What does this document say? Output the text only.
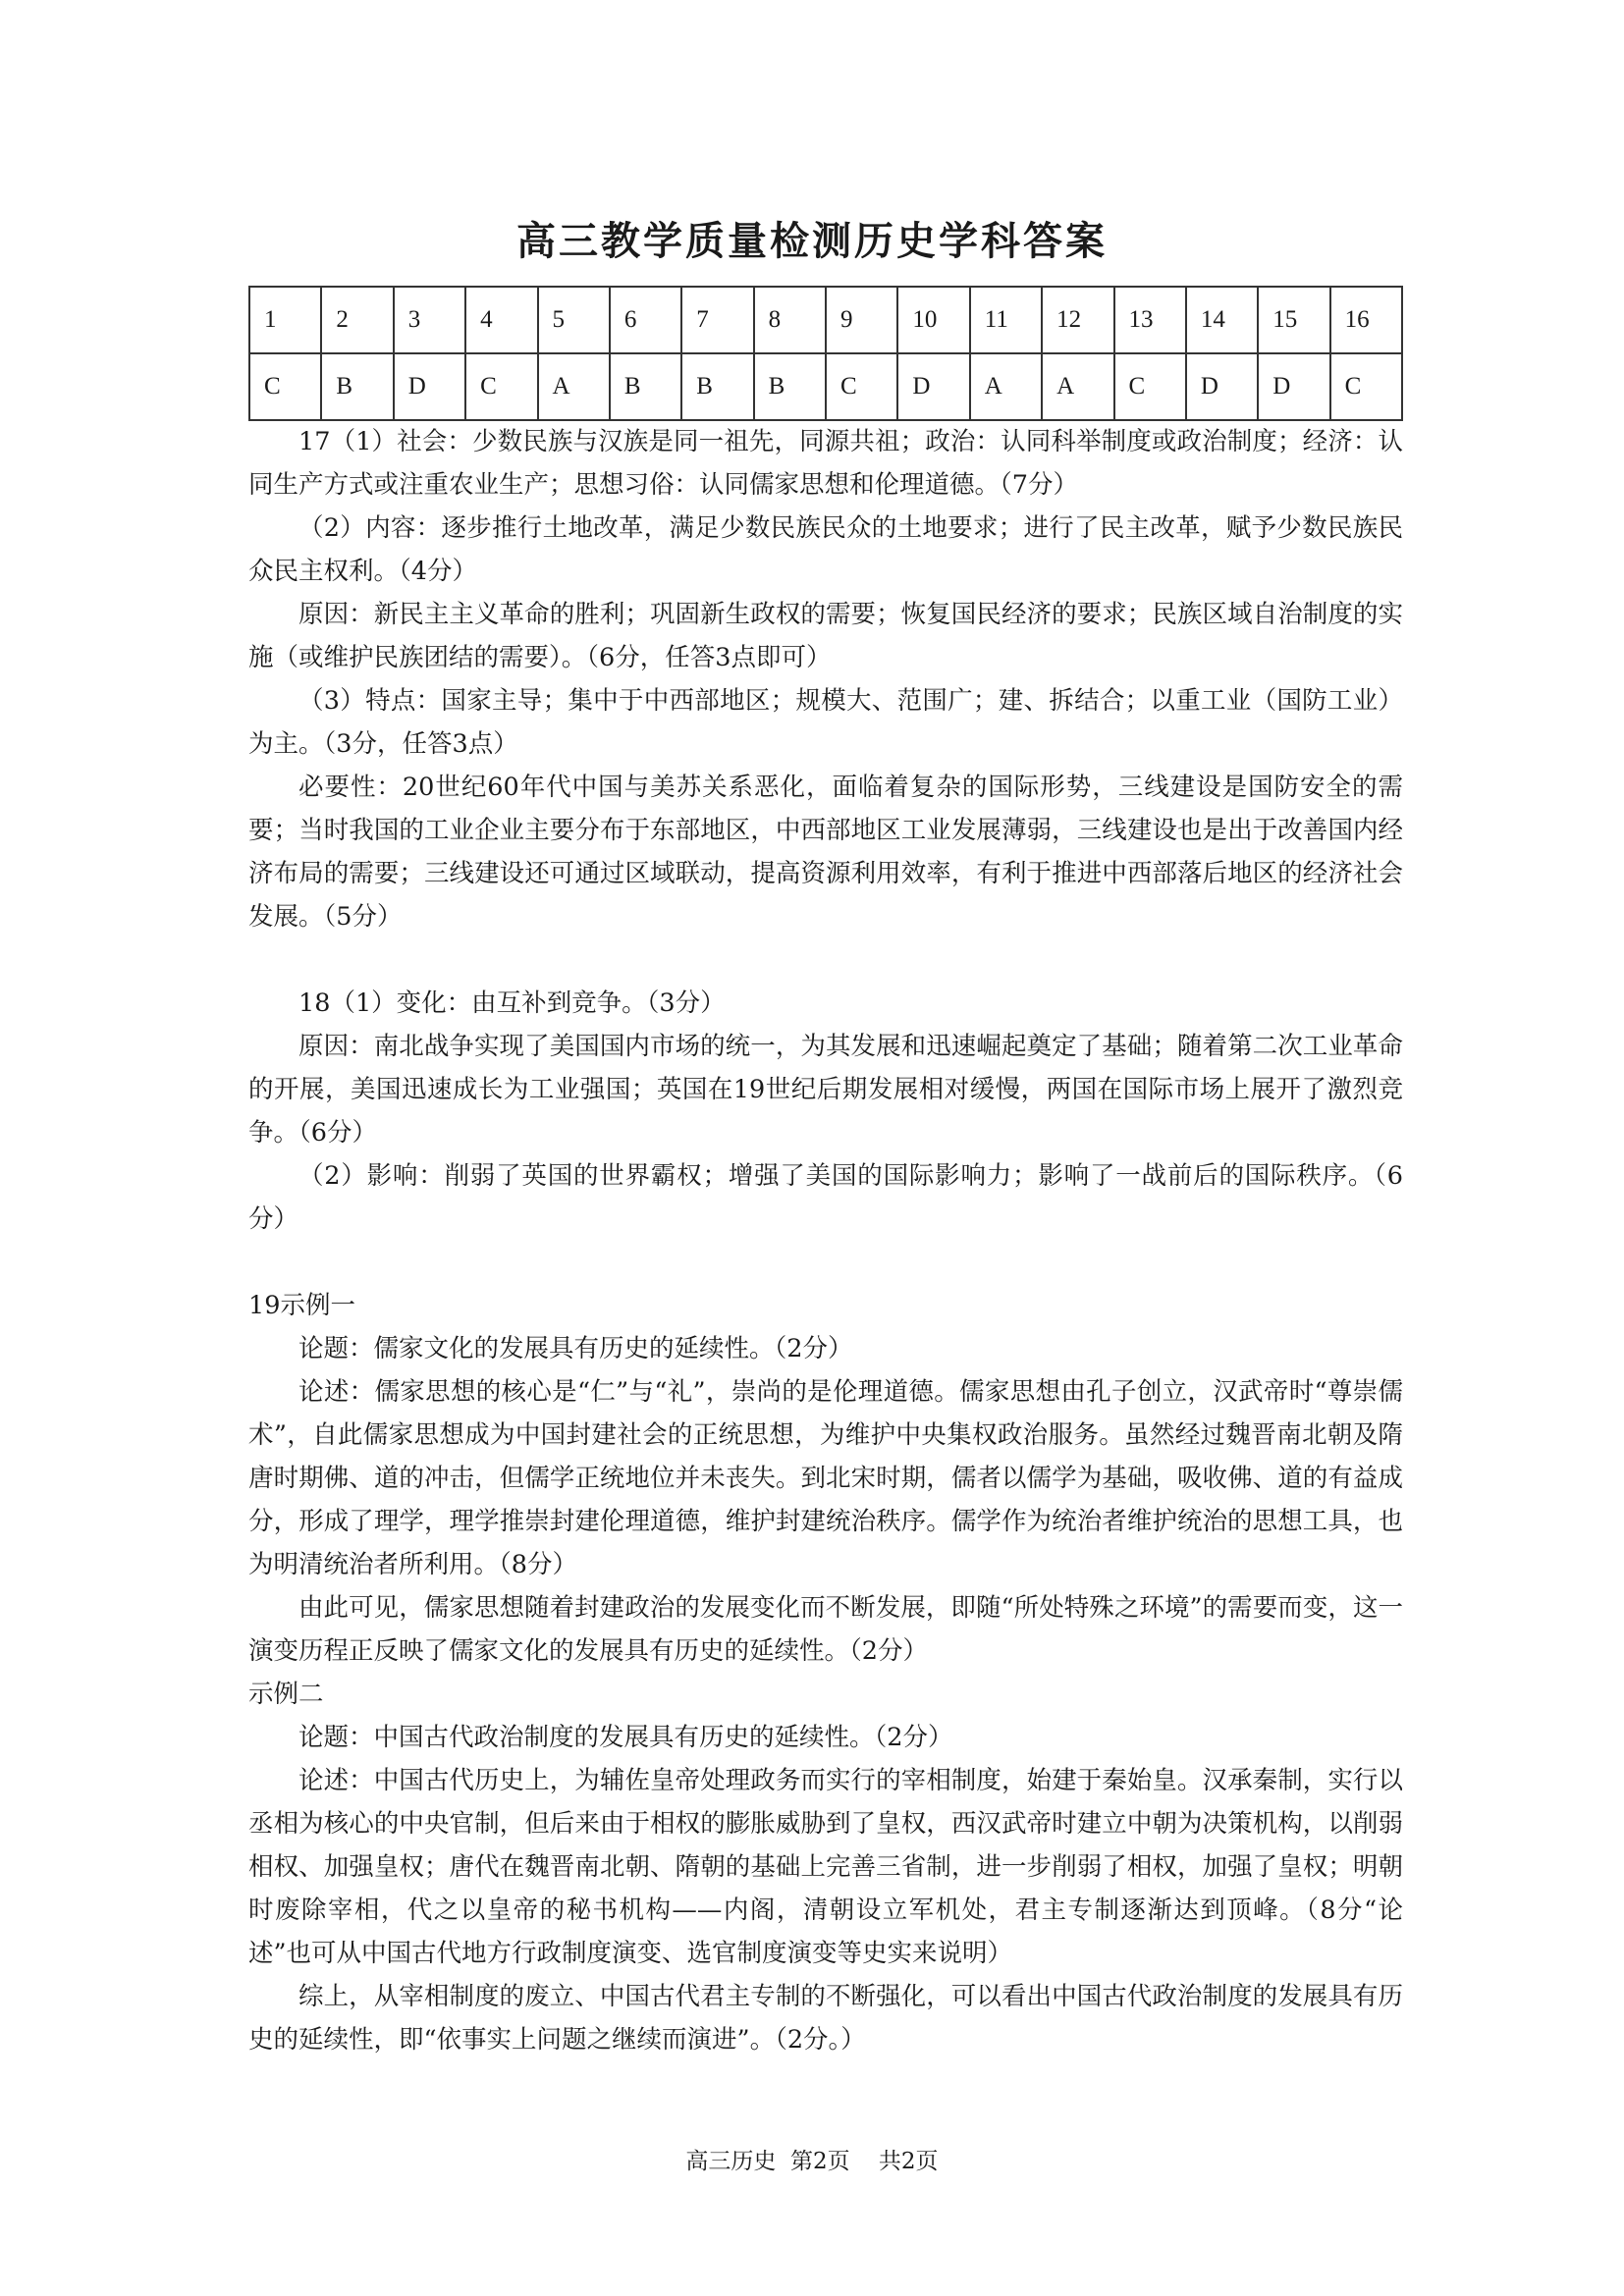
高三教学质量检测历史学科答案
1	2	3	4	5	6	7	8	9	10	11	12	13	14	15	16
C	B	D	C	A	B	B	B	C	D	A	A	C	D	D	C

17（1）社会：少数民族与汉族是同一祖先，同源共祖；政治：认同科举制度或政治制度；经济：认同生产方式或注重农业生产；思想习俗：认同儒家思想和伦理道德。（7分）

（2）内容：逐步推行土地改革，满足少数民族民众的土地要求；进行了民主改革，赋予少数民族民众民主权利。（4分）

原因：新民主主义革命的胜利；巩固新生政权的需要；恢复国民经济的要求；民族区域自治制度的实施（或维护民族团结的需要）。（6分，任答3点即可）

（3）特点：国家主导；集中于中西部地区；规模大、范围广；建、拆结合；以重工业（国防工业）为主。（3分，任答3点）

必要性：20世纪60年代中国与美苏关系恶化，面临着复杂的国际形势，三线建设是国防安全的需要；当时我国的工业企业主要分布于东部地区，中西部地区工业发展薄弱，三线建设也是出于改善国内经济布局的需要；三线建设还可通过区域联动，提高资源利用效率，有利于推进中西部落后地区的经济社会发展。（5分）

18（1）变化：由互补到竞争。（3分）

原因：南北战争实现了美国国内市场的统一，为其发展和迅速崛起奠定了基础；随着第二次工业革命的开展，美国迅速成长为工业强国；英国在19世纪后期发展相对缓慢，两国在国际市场上展开了激烈竞争。（6分）

（2）影响：削弱了英国的世界霸权；增强了美国的国际影响力；影响了一战前后的国际秩序。（6分）

19示例一

论题：儒家文化的发展具有历史的延续性。（2分）

论述：儒家思想的核心是“仁”与“礼”，崇尚的是伦理道德。儒家思想由孔子创立，汉武帝时“尊崇儒术”，自此儒家思想成为中国封建社会的正统思想，为维护中央集权政治服务。虽然经过魏晋南北朝及隋唐时期佛、道的冲击，但儒学正统地位并未丧失。到北宋时期，儒者以儒学为基础，吸收佛、道的有益成分，形成了理学，理学推崇封建伦理道德，维护封建统治秩序。儒学作为统治者维护统治的思想工具，也为明清统治者所利用。（8分）

由此可见，儒家思想随着封建政治的发展变化而不断发展，即随“所处特殊之环境”的需要而变，这一演变历程正反映了儒家文化的发展具有历史的延续性。（2分）

示例二

论题：中国古代政治制度的发展具有历史的延续性。（2分）

论述：中国古代历史上，为辅佐皇帝处理政务而实行的宰相制度，始建于秦始皇。汉承秦制，实行以丞相为核心的中央官制，但后来由于相权的膨胀威胁到了皇权，西汉武帝时建立中朝为决策机构，以削弱相权、加强皇权；唐代在魏晋南北朝、隋朝的基础上完善三省制，进一步削弱了相权，加强了皇权；明朝时废除宰相，代之以皇帝的秘书机构——内阁，清朝设立军机处，君主专制逐渐达到顶峰。（8分“论述”也可从中国古代地方行政制度演变、选官制度演变等史实来说明）

综上，从宰相制度的废立、中国古代君主专制的不断强化，可以看出中国古代政治制度的发展具有历史的延续性，即“依事实上问题之继续而演进”。（2分。）

高三历史  第2页    共2页
